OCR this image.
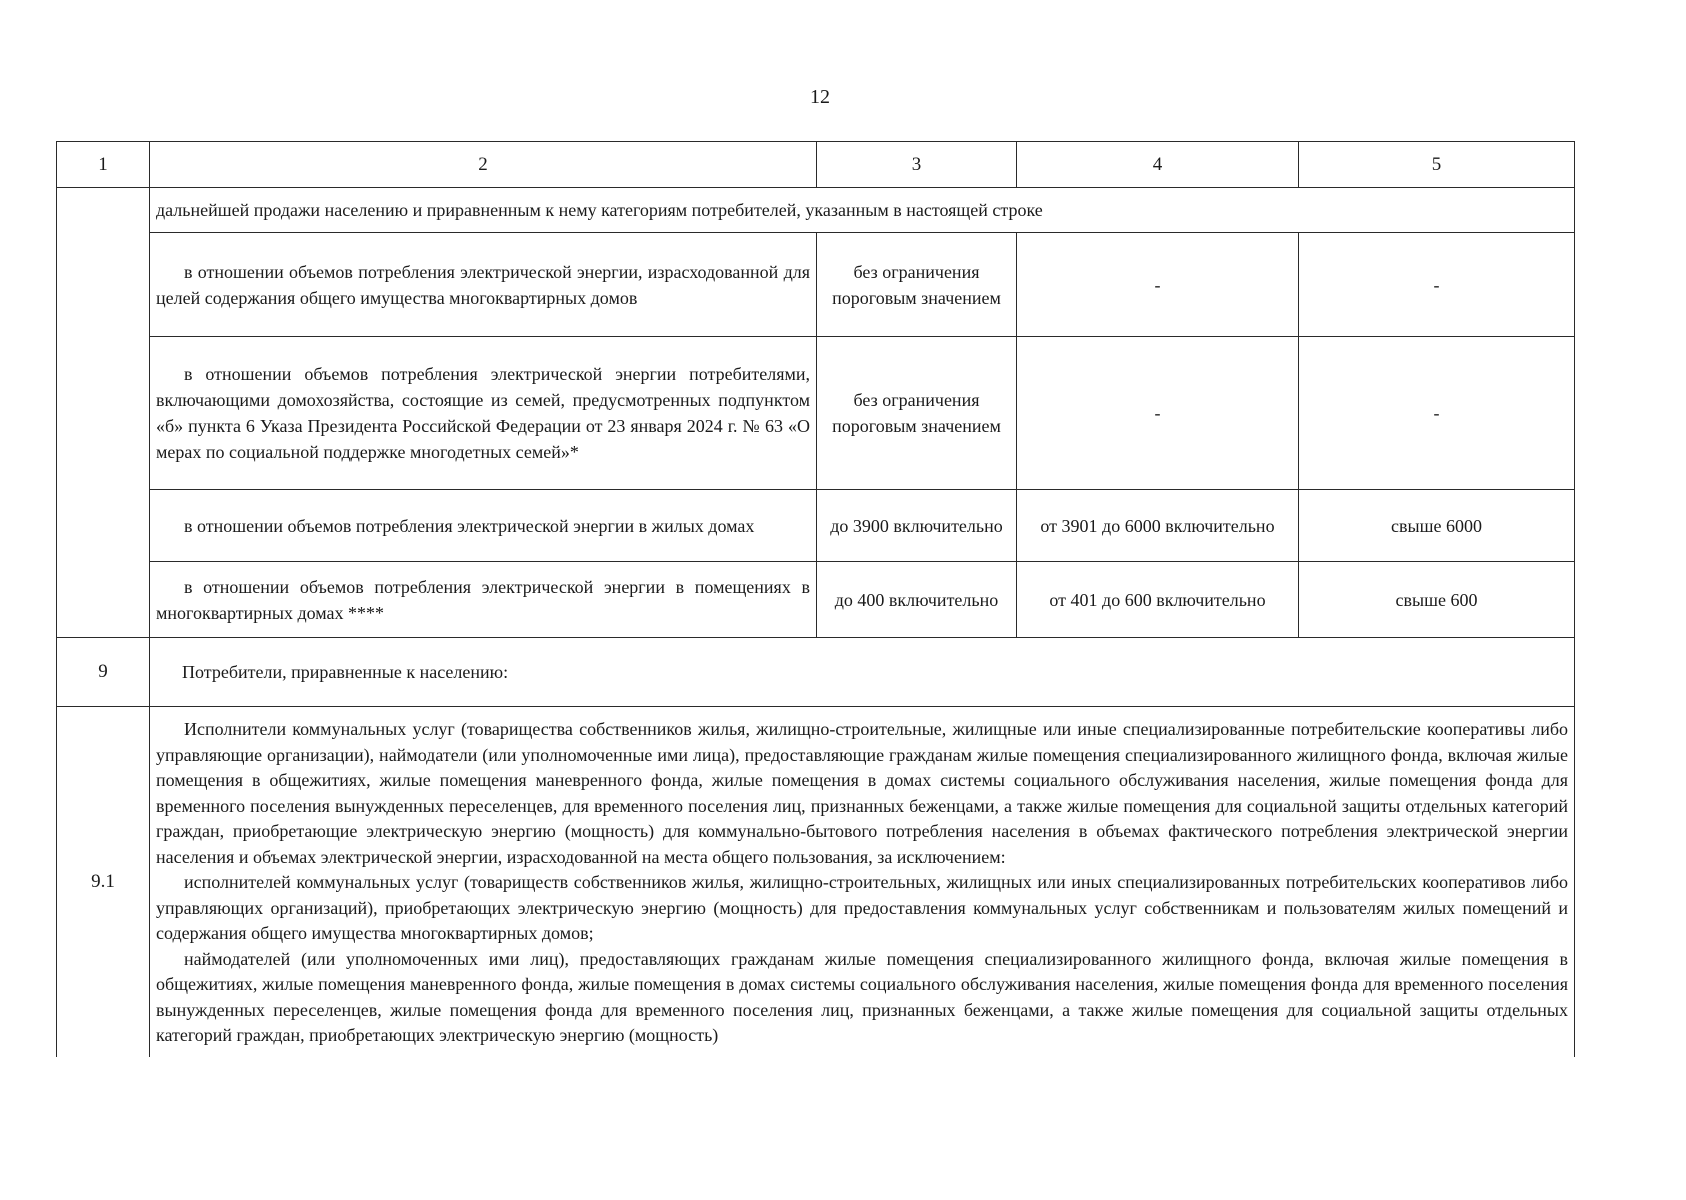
12
1	2	3	4	5
	дальнейшей продажи населению и приравненным к нему категориям потребителей, указанным в настоящей строке			
	в отношении объемов потребления электрической энергии, израсходованной для целей содержания общего имущества многоквартирных домов	без ограничения пороговым значением	-	-
	в отношении объемов потребления электрической энергии потребителями, включающими домохозяйства, состоящие из семей, предусмотренных подпунктом «б» пункта 6 Указа Президента Российской Федерации от 23 января 2024 г. № 63 «О мерах по социальной поддержке многодетных семей»*	без ограничения пороговым значением	-	-
	в отношении объемов потребления электрической энергии в жилых домах	до 3900 включительно	от 3901 до 6000 включительно	свыше 6000
	в отношении объемов потребления электрической энергии в помещениях в многоквартирных домах ****	до 400 включительно	от 401 до 600 включительно	свыше 600
9	Потребители, приравненные к населению:			
9.1	Исполнители коммунальных услуг (товарищества собственников жилья, жилищно-строительные, жилищные или иные специализированные потребительские кооперативы либо управляющие организации), наймодатели (или уполномоченные ими лица), предоставляющие гражданам жилые помещения специализированного жилищного фонда, включая жилые помещения в общежитиях, жилые помещения маневренного фонда, жилые помещения в домах системы социального обслуживания населения, жилые помещения фонда для временного поселения вынужденных переселенцев, для временного поселения лиц, признанных беженцами, а также жилые помещения для социальной защиты отдельных категорий граждан, приобретающие электрическую энергию (мощность) для коммунально-бытового потребления населения в объемах фактического потребления электрической энергии населения и объемах электрической энергии, израсходованной на места общего пользования, за исключением:

исполнителей коммунальных услуг (товариществ собственников жилья, жилищно-строительных, жилищных или иных специализированных потребительских кооперативов либо управляющих организаций), приобретающих электрическую энергию (мощность) для предоставления коммунальных услуг собственникам и пользователям жилых помещений и содержания общего имущества многоквартирных домов;

наймодателей (или уполномоченных ими лиц), предоставляющих гражданам жилые помещения специализированного жилищного фонда, включая жилые помещения в общежитиях, жилые помещения маневренного фонда, жилые помещения в домах системы социального обслуживания населения, жилые помещения фонда для временного поселения вынужденных переселенцев, жилые помещения фонда для временного поселения лиц, признанных беженцами, а также жилые помещения для социальной защиты отдельных категорий граждан, приобретающих электрическую энергию (мощность)			
